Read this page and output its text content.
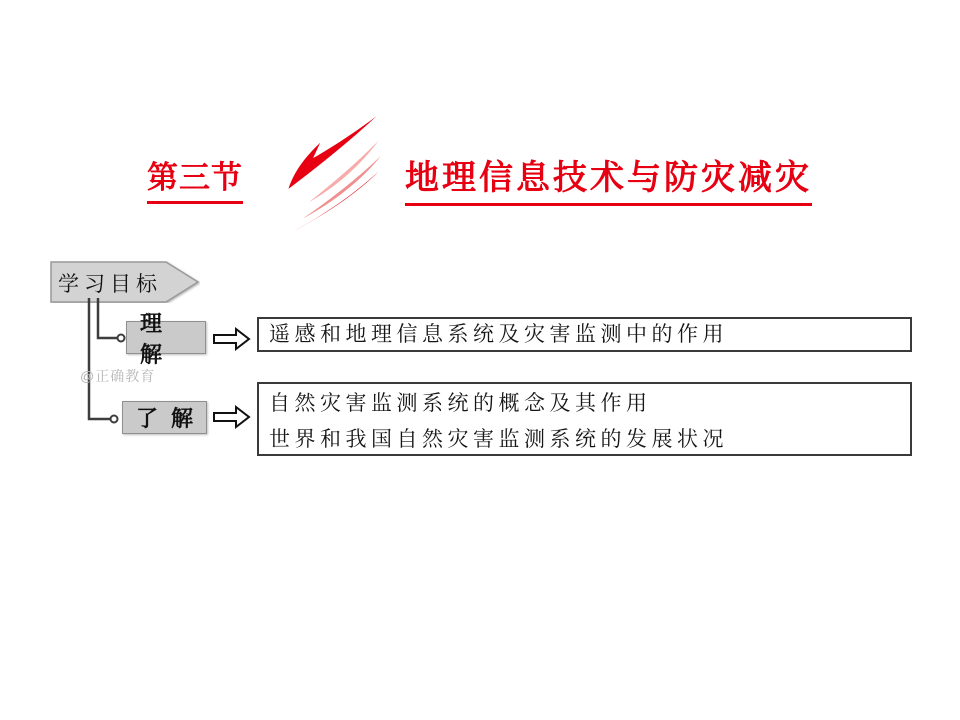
第三节	地理信息技术与防灾减灾
学习目标
@正确教育
理解
了解
遥感和地理信息系统及灾害监测中的作用
自然灾害监测系统的概念及其作用
世界和我国自然灾害监测系统的发展状况
